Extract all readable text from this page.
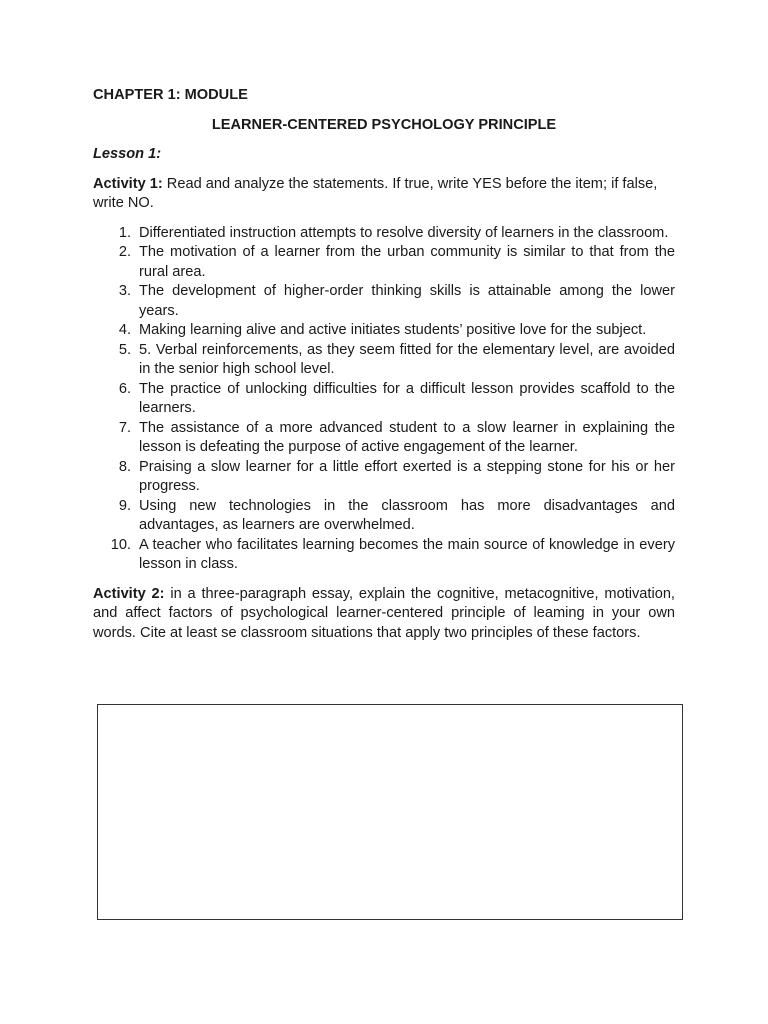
CHAPTER 1: MODULE

LEARNER-CENTERED PSYCHOLOGY PRINCIPLE

Lesson 1:

Activity 1: Read and analyze the statements. If true, write YES before the item; if false, write NO.

1. Differentiated instruction attempts to resolve diversity of learners in the classroom.
2. The motivation of a learner from the urban community is similar to that from the rural area.
3. The development of higher-order thinking skills is attainable among the lower years.
4. Making learning alive and active initiates students’ positive love for the subject.
5. 5. Verbal reinforcements, as they seem fitted for the elementary level, are avoided in the senior high school level.
6. The practice of unlocking difficulties for a difficult lesson provides scaffold to the learners.
7. The assistance of a more advanced student to a slow learner in explaining the lesson is defeating the purpose of active engagement of the learner.
8. Praising a slow learner for a little effort exerted is a stepping stone for his or her progress.
9. Using new technologies in the classroom has more disadvantages and advantages, as learners are overwhelmed.
10. A teacher who facilitates learning becomes the main source of knowledge in every lesson in class.

Activity 2: in a three-paragraph essay, explain the cognitive, metacognitive, motivation, and affect factors of psychological learner-centered principle of leaming in your own words. Cite at least se classroom situations that apply two principles of these factors.
